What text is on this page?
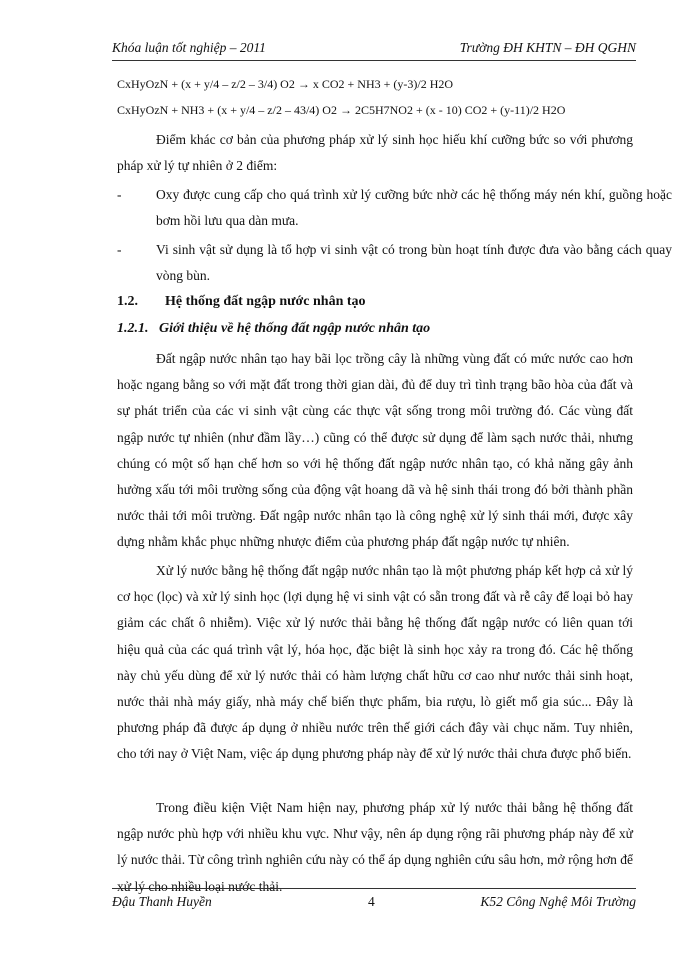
Khóa luận tốt nghiệp – 2011	Trường ĐH KHTN – ĐH QGHN
CxHyOzN + (x + y/4 – z/2 – 3/4) O2 → x CO2 + NH3 + (y-3)/2 H2O
CxHyOzN + NH3 + (x + y/4 – z/2 – 43/4) O2 → 2C5H7NO2 + (x - 10) CO2 + (y-11)/2 H2O

Điểm khác cơ bản của phương pháp xử lý sinh học hiếu khí cưỡng bức so với phương pháp xử lý tự nhiên ở 2 điểm:

-	Oxy được cung cấp cho quá trình xử lý cưỡng bức nhờ các hệ thống máy nén khí, guồng hoặc bơm hồi lưu qua dàn mưa.

-	Vi sinh vật sử dụng là tổ hợp vi sinh vật có trong bùn hoạt tính được đưa vào bằng cách quay vòng bùn.

1.2. Hệ thống đất ngập nước nhân tạo
1.2.1. Giới thiệu về hệ thống đất ngập nước nhân tạo

Đất ngập nước nhân tạo hay bãi lọc trồng cây là những vùng đất có mức nước cao hơn hoặc ngang bằng so với mặt đất trong thời gian dài, đủ để duy trì tình trạng bão hòa của đất và sự phát triển của các vi sinh vật cùng các thực vật sống trong môi trường đó. Các vùng đất ngập nước tự nhiên (như đầm lầy…) cũng có thể được sử dụng để làm sạch nước thải, nhưng chúng có một số hạn chế hơn so với hệ thống đất ngập nước nhân tạo, có khả năng gây ảnh hưởng xấu tới môi trường sống của động vật hoang dã và hệ sinh thái trong đó bởi thành phần nước thải tới môi trường. Đất ngập nước nhân tạo là công nghệ xử lý sinh thái mới, được xây dựng nhằm khắc phục những nhược điểm của phương pháp đất ngập nước tự nhiên.

Xử lý nước bằng hệ thống đất ngập nước nhân tạo là một phương pháp kết hợp cả xử lý cơ học (lọc) và xử lý sinh học (lợi dụng hệ vi sinh vật có sẵn trong đất và rễ cây để loại bỏ hay giảm các chất ô nhiễm). Việc xử lý nước thải bằng hệ thống đất ngập nước có liên quan tới hiệu quả của các quá trình vật lý, hóa học, đặc biệt là sinh học xảy ra trong đó. Các hệ thống này chủ yếu dùng để xử lý nước thải có hàm lượng chất hữu cơ cao như nước thải sinh hoạt, nước thải nhà máy giấy, nhà máy chế biến thực phẩm, bia rượu, lò giết mổ gia súc... Đây là phương pháp đã được áp dụng ở nhiều nước trên thế giới cách đây vài chục năm. Tuy nhiên, cho tới nay ở Việt Nam, việc áp dụng phương pháp này để xử lý nước thải chưa được phổ biến.

Trong điều kiện Việt Nam hiện nay, phương pháp xử lý nước thải bằng hệ thống đất ngập nước phù hợp với nhiều khu vực. Như vậy, nên áp dụng rộng rãi phương pháp này để xử lý nước thải. Từ công trình nghiên cứu này có thể áp dụng nghiên cứu sâu hơn, mở rộng hơn để xử lý cho nhiều loại nước thải.

Đậu Thanh Huyền	4	K52 Công Nghệ Môi Trường
